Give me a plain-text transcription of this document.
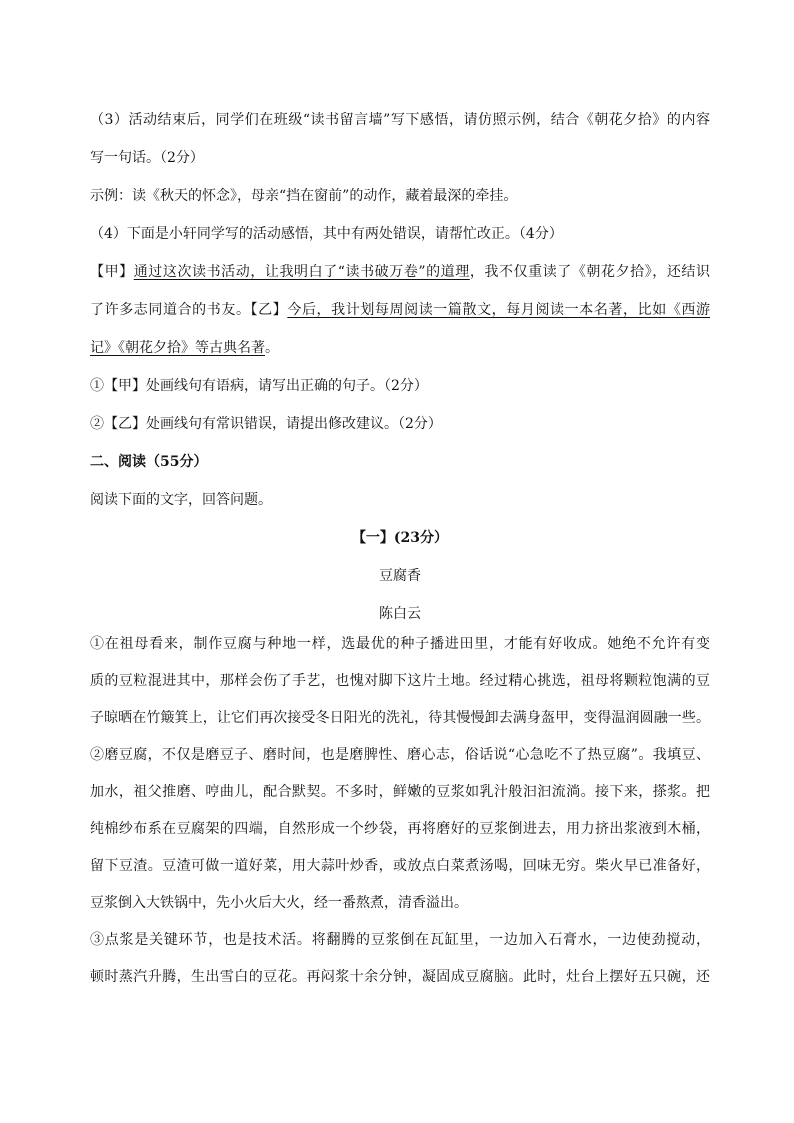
（3）活动结束后，同学们在班级“读书留言墙”写下感悟，请仿照示例，结合《朝花夕拾》的内容
写一句话。（2分）
示例：读《秋天的怀念》，母亲“挡在窗前”的动作，藏着最深的牵挂。
（4）下面是小轩同学写的活动感悟，其中有两处错误，请帮忙改正。（4分）
【甲】通过这次读书活动，让我明白了“读书破万卷”的道理，我不仅重读了《朝花夕拾》，还结识
了许多志同道合的书友。【乙】今后，我计划每周阅读一篇散文，每月阅读一本名著，比如《西游
记》《朝花夕拾》等古典名著。
①【甲】处画线句有语病，请写出正确的句子。（2分）
②【乙】处画线句有常识错误，请提出修改建议。（2分）
二、阅读（55分）
阅读下面的文字，回答问题。
【一】(23分）
豆腐香
陈白云
①在祖母看来，制作豆腐与种地一样，选最优的种子播进田里，才能有好收成。她绝不允许有变
质的豆粒混进其中，那样会伤了手艺，也愧对脚下这片土地。经过精心挑选，祖母将颗粒饱满的豆
子晾晒在竹簸箕上，让它们再次接受冬日阳光的洗礼，待其慢慢卸去满身盔甲，变得温润圆融一些。
②磨豆腐，不仅是磨豆子、磨时间，也是磨脾性、磨心志，俗话说“心急吃不了热豆腐”。我填豆、
加水，祖父推磨、哼曲儿，配合默契。不多时，鲜嫩的豆浆如乳汁般汩汩流淌。接下来，搽浆。把
纯棉纱布系在豆腐架的四端，自然形成一个纱袋，再将磨好的豆浆倒进去，用力挤出浆液到木桶，
留下豆渣。豆渣可做一道好菜，用大蒜叶炒香，或放点白菜煮汤喝，回味无穷。柴火早已准备好，
豆浆倒入大铁锅中，先小火后大火，经一番熬煮，清香溢出。
③点浆是关键环节，也是技术活。将翻腾的豆浆倒在瓦缸里，一边加入石膏水，一边使劲搅动，
顿时蒸汽升腾，生出雪白的豆花。再闷浆十余分钟，凝固成豆腐脑。此时，灶台上摆好五只碗，还
